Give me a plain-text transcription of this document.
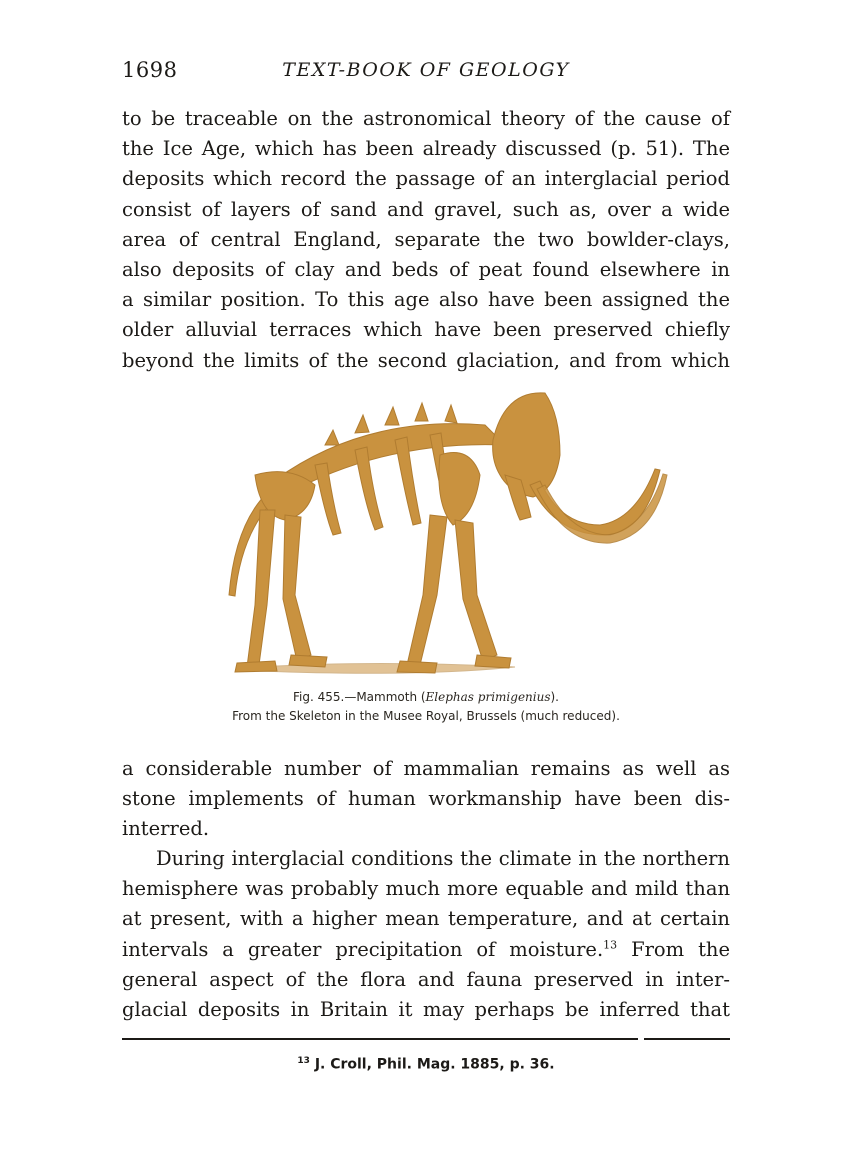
1698	TEXT-BOOK OF GEOLOGY

to be traceable on the astronomical theory of the cause of
the Ice Age, which has been already discussed (p. 51). The
deposits which record the passage of an interglacial period
consist of layers of sand and gravel, such as, over a wide
area of central England, separate the two bowlder-clays,
also deposits of clay and beds of peat found elsewhere in
a similar position. To this age also have been assigned the
older alluvial terraces which have been preserved chiefly
beyond the limits of the second glaciation, and from which

Fig. 455.—Mammoth (Elephas primigenius).
From the Skeleton in the Musee Royal, Brussels (much reduced).

a considerable number of mammalian remains as well as
stone implements of human workmanship have been dis-
interred.

During interglacial conditions the climate in the northern
hemisphere was probably much more equable and mild than
at present, with a higher mean temperature, and at certain
intervals a greater precipitation of moisture.$^{13}$ From the
general aspect of the flora and fauna preserved in inter-
glacial deposits in Britain it may perhaps be inferred that

$^{13}$ J. Croll, Phil. Mag. 1885, p. 36.
